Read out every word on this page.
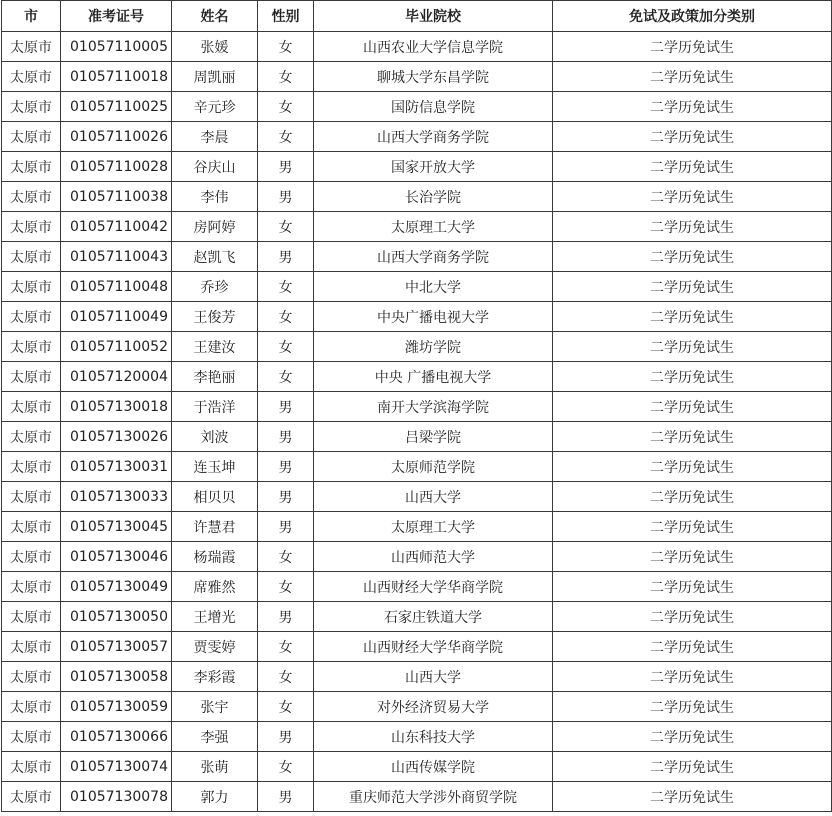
市	准考证号	姓名	性别	毕业院校	免试及政策加分类别
太原市	01057110005	张媛	女	山西农业大学信息学院	二学历免试生
太原市	01057110018	周凯丽	女	聊城大学东昌学院	二学历免试生
太原市	01057110025	辛元珍	女	国防信息学院	二学历免试生
太原市	01057110026	李晨	女	山西大学商务学院	二学历免试生
太原市	01057110028	谷庆山	男	国家开放大学	二学历免试生
太原市	01057110038	李伟	男	长治学院	二学历免试生
太原市	01057110042	房阿婷	女	太原理工大学	二学历免试生
太原市	01057110043	赵凯飞	男	山西大学商务学院	二学历免试生
太原市	01057110048	乔珍	女	中北大学	二学历免试生
太原市	01057110049	王俊芳	女	中央广播电视大学	二学历免试生
太原市	01057110052	王建汝	女	潍坊学院	二学历免试生
太原市	01057120004	李艳丽	女	中央 广播电视大学	二学历免试生
太原市	01057130018	于浩洋	男	南开大学滨海学院	二学历免试生
太原市	01057130026	刘波	男	吕梁学院	二学历免试生
太原市	01057130031	连玉坤	男	太原师范学院	二学历免试生
太原市	01057130033	相贝贝	男	山西大学	二学历免试生
太原市	01057130045	许慧君	男	太原理工大学	二学历免试生
太原市	01057130046	杨瑞霞	女	山西师范大学	二学历免试生
太原市	01057130049	席雅然	女	山西财经大学华商学院	二学历免试生
太原市	01057130050	王增光	男	石家庄铁道大学	二学历免试生
太原市	01057130057	贾雯婷	女	山西财经大学华商学院	二学历免试生
太原市	01057130058	李彩霞	女	山西大学	二学历免试生
太原市	01057130059	张宇	女	对外经济贸易大学	二学历免试生
太原市	01057130066	李强	男	山东科技大学	二学历免试生
太原市	01057130074	张萌	女	山西传媒学院	二学历免试生
太原市	01057130078	郭力	男	重庆师范大学涉外商贸学院	二学历免试生
